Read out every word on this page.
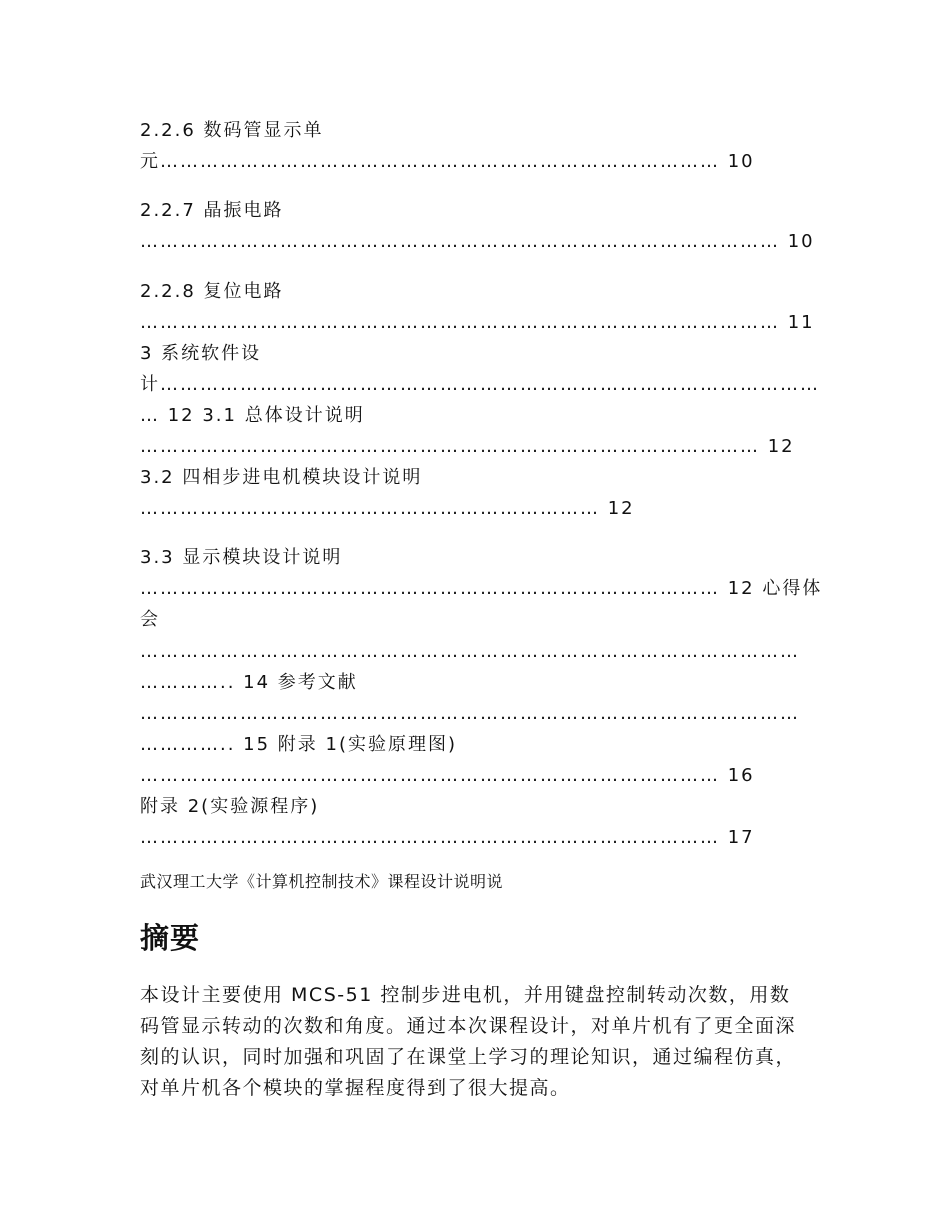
2.2.6 数码管显示单

元………………………………………………………………………… 10

2.2.7 晶振电路

…………………………………………………………………………………… 10

2.2.8 复位电路

…………………………………………………………………………………… 11

3 系统软件设

计………………………………………………………………………………………

… 12 3.1 总体设计说明

………………………………………………………………………………… 12

3.2 四相步进电机模块设计说明

…………………………………………………………… 12

3.3 显示模块设计说明

…………………………………………………………………………… 12 心得体

会

………………………………………………………………………………………

………….. 14 参考文献

………………………………………………………………………………………

………….. 15 附录 1(实验原理图)

…………………………………………………………………………… 16

附录 2(实验源程序)

…………………………………………………………………………… 17

武汉理工大学《计算机控制技术》课程设计说明说

摘要

本设计主要使用 MCS-51 控制步进电机，并用键盘控制转动次数，用数

码管显示转动的次数和角度。通过本次课程设计，对单片机有了更全面深

刻的认识，同时加强和巩固了在课堂上学习的理论知识，通过编程仿真，

对单片机各个模块的掌握程度得到了很大提高。
